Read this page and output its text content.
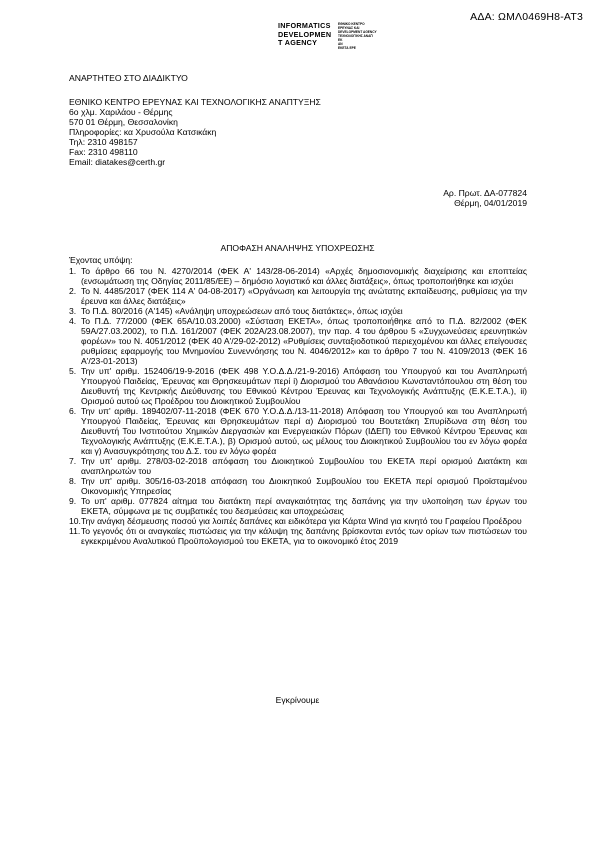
ΑΔΑ: ΩΜΛ0469Η8-ΑΤ3
INFORMATICS
DEVELOPMEN
T AGENCY
ΕΘΝΙΚΟ ΚΕΝΤΡΟ
ΕΡΕΥΝΑΣ ΚΑΙ
DEVELOPMENT AGENCY
ΤΕΧΝΟΛΟΓΙΚΗΣ ΑΝΑΠ
ΕΚ
ΑΝ
ΕΚΕΤΑ ΕΡΕ
ΑΝΑΡΤΗΤΕΟ ΣΤΟ ΔΙΑΔΙΚΤΥΟ
ΕΘΝΙΚΟ ΚΕΝΤΡΟ ΕΡΕΥΝΑΣ ΚΑΙ ΤΕΧΝΟΛΟΓΙΚΗΣ ΑΝΑΠΤΥΞΗΣ
6ο χλμ. Χαριλάου - Θέρμης
570 01 Θέρμη, Θεσσαλονίκη
Πληροφορίες: κα Χρυσούλα Κατσικάκη
Τηλ: 2310 498157
Fax: 2310 498110
Email: diatakes@certh.gr
Αρ. Πρωτ. ΔΑ-077824
Θέρμη, 04/01/2019
ΑΠΟΦΑΣΗ ΑΝΑΛΗΨΗΣ ΥΠΟΧΡΕΩΣΗΣ
Έχοντας υπόψη:
1. Το άρθρο 66 του Ν. 4270/2014 (ΦΕΚ Α' 143/28-06-2014) «Αρχές δημοσιονομικής διαχείρισης και εποπτείας (ενσωμάτωση της Οδηγίας 2011/85/ΕΕ) – δημόσιο λογιστικό και άλλες διατάξεις», όπως τροποποιήθηκε και ισχύει
2. Το Ν. 4485/2017 (ΦΕΚ 114 Α' 04-08-2017) «Οργάνωση και λειτουργία της ανώτατης εκπαίδευσης, ρυθμίσεις για την έρευνα και άλλες διατάξεις»
3. Το Π.Δ. 80/2016 (Α'145) «Ανάληψη υποχρεώσεων από τους διατάκτες», όπως ισχύει
4. Το Π.Δ. 77/2000 (ΦΕΚ 65Α/10.03.2000) «Σύσταση ΕΚΕΤΑ», όπως τροποποιήθηκε από το Π.Δ. 82/2002 (ΦΕΚ 59Α/27.03.2002), το Π.Δ. 161/2007 (ΦΕΚ 202Α/23.08.2007), την παρ. 4 του άρθρου 5 «Συγχωνεύσεις ερευνητικών φορέων» του Ν. 4051/2012 (ΦΕΚ 40 Α'/29-02-2012) «Ρυθμίσεις συνταξιοδοτικού περιεχομένου και άλλες επείγουσες ρυθμίσεις εφαρμογής του Μνημονίου Συνεννόησης του Ν. 4046/2012» και το άρθρο 7 του Ν. 4109/2013 (ΦΕΚ 16 Α'/23-01-2013)
5. Την υπ' αριθμ. 152406/19-9-2016 (ΦΕΚ 498 Υ.Ο.Δ.Δ./21-9-2016) Απόφαση του Υπουργού και του Αναπληρωτή Υπουργού Παιδείας, Έρευνας και Θρησκευμάτων περί i) Διορισμού του Αθανάσιου Κωνσταντόπουλου στη θέση του Διευθυντή της Κεντρικής Διεύθυνσης του Εθνικού Κέντρου Έρευνας και Τεχνολογικής Ανάπτυξης (Ε.Κ.Ε.Τ.Α.), ii) Ορισμού αυτού ως Προέδρου του Διοικητικού Συμβουλίου
6. Την υπ' αριθμ. 189402/07-11-2018 (ΦΕΚ 670 Υ.Ο.Δ.Δ./13-11-2018) Απόφαση του Υπουργού και του Αναπληρωτή Υπουργού Παιδείας, Έρευνας και Θρησκευμάτων περί α) Διορισμού του Βουτετάκη Σπυρίδωνα στη θέση του Διευθυντή Του Ινστιτούτου Χημικών Διεργασιών και Ενεργειακών Πόρων (ΙΔΕΠ) του Εθνικού Κέντρου Έρευνας και Τεχνολογικής Ανάπτυξης (Ε.Κ.Ε.Τ.Α.), β) Ορισμού αυτού, ως μέλους του Διοικητικού Συμβουλίου του εν λόγω φορέα και γ) Ανασυγκρότησης του Δ.Σ. του εν λόγω φορέα
7. Την υπ' αριθμ. 278/03-02-2018 απόφαση του Διοικητικού Συμβουλίου του ΕΚΕΤΑ περί ορισμού Διατάκτη και αναπληρωτών του
8. Την υπ' αριθμ. 305/16-03-2018 απόφαση του Διοικητικού Συμβουλίου του ΕΚΕΤΑ περί ορισμού Προϊσταμένου Οικονομικής Υπηρεσίας
9. Το υπ' αριθμ. 077824 αίτημα του διατάκτη περί αναγκαιότητας της δαπάνης για την υλοποίηση των έργων του ΕΚΕΤΑ, σύμφωνα με τις συμβατικές του δεσμεύσεις και υποχρεώσεις
10. Την ανάγκη δέσμευσης ποσού για λοιπές δαπάνες και ειδικότερα για Κάρτα Wind για κινητό του Γραφείου Προέδρου
11. Το γεγονός ότι οι αναγκαίες πιστώσεις για την κάλυψη της δαπάνης βρίσκονται εντός των ορίων των πιστώσεων του εγκεκριμένου Αναλυτικού Προϋπολογισμού του ΕΚΕΤΑ, για το οικονομικό έτος 2019
Εγκρίνουμε
